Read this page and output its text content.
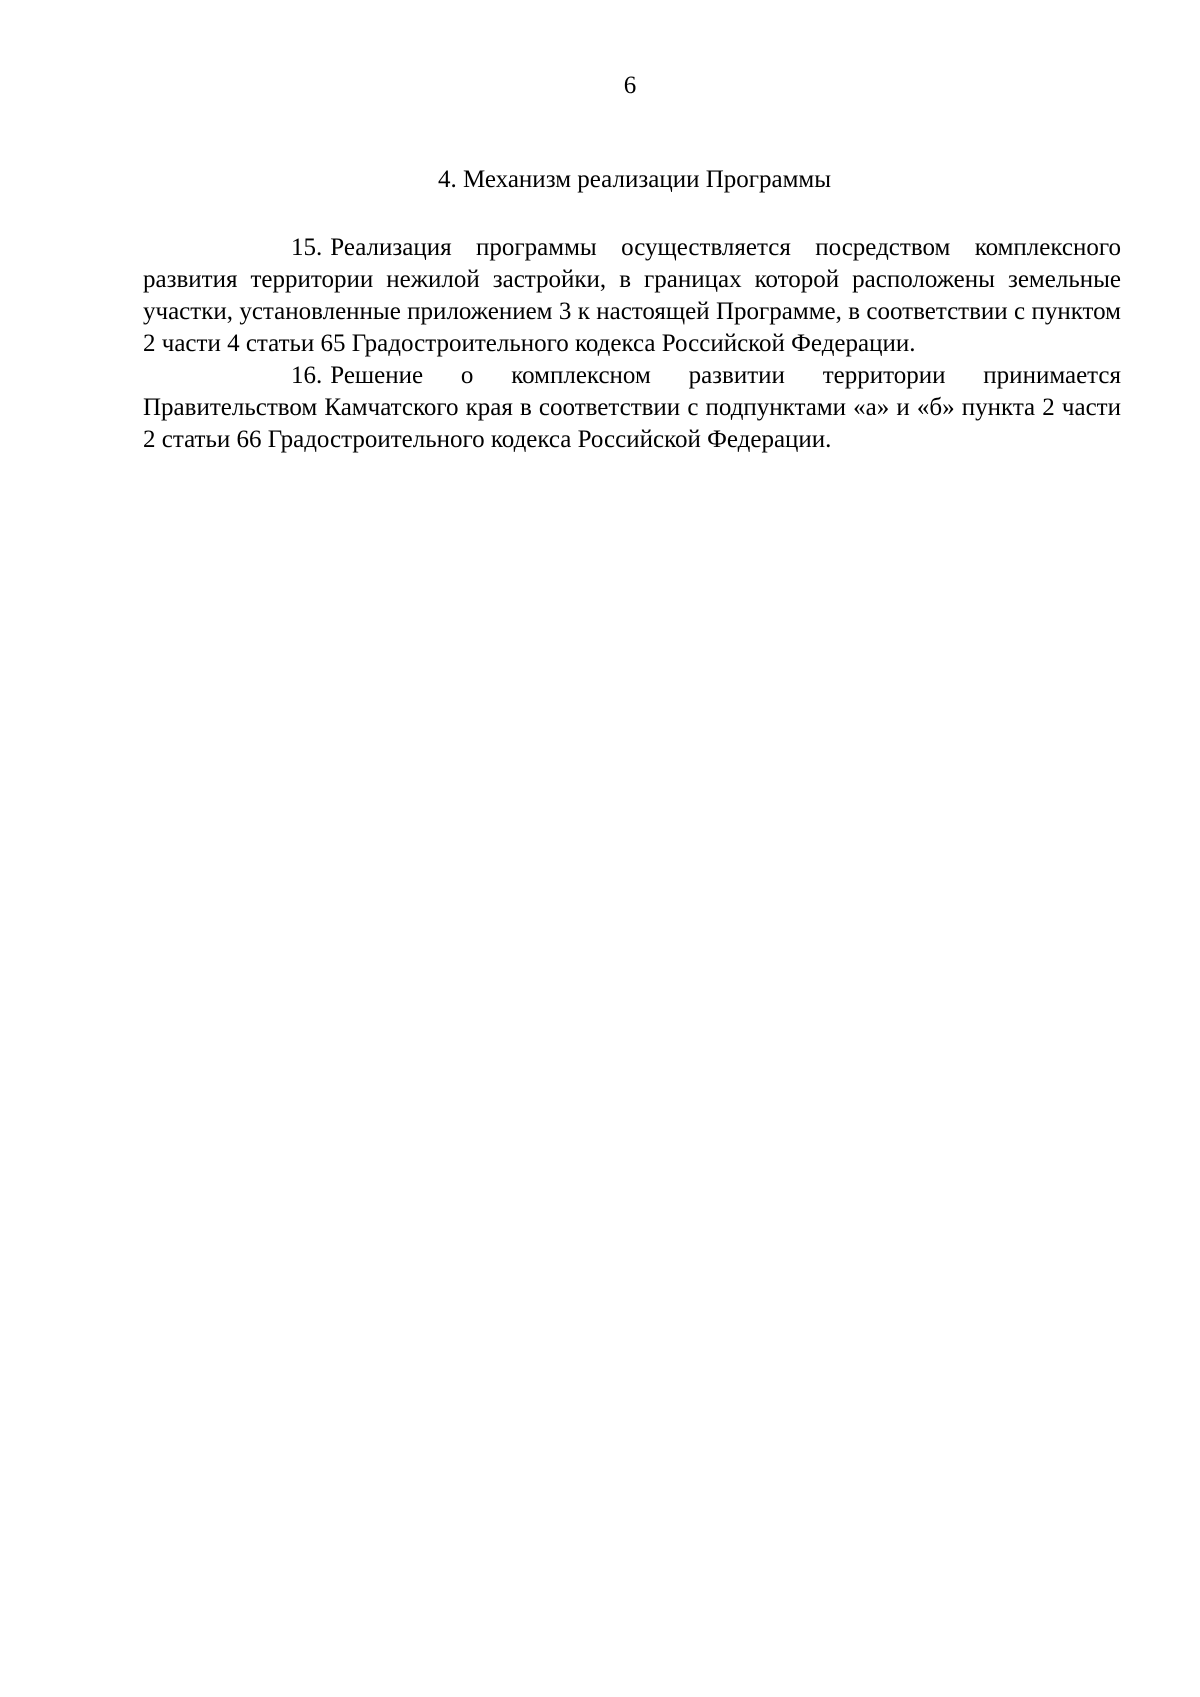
6
4. Механизм реализации Программы

15. Реализация программы осуществляется посредством комплексного развития территории нежилой застройки, в границах которой расположены земельные участки, установленные приложением 3 к настоящей Программе, в соответствии с пунктом 2 части 4 статьи 65 Градостроительного кодекса Российской Федерации.

16. Решение о комплексном развитии территории принимается Правительством Камчатского края в соответствии с подпунктами «а» и «б» пункта 2 части 2 статьи 66 Градостроительного кодекса Российской Федерации.
